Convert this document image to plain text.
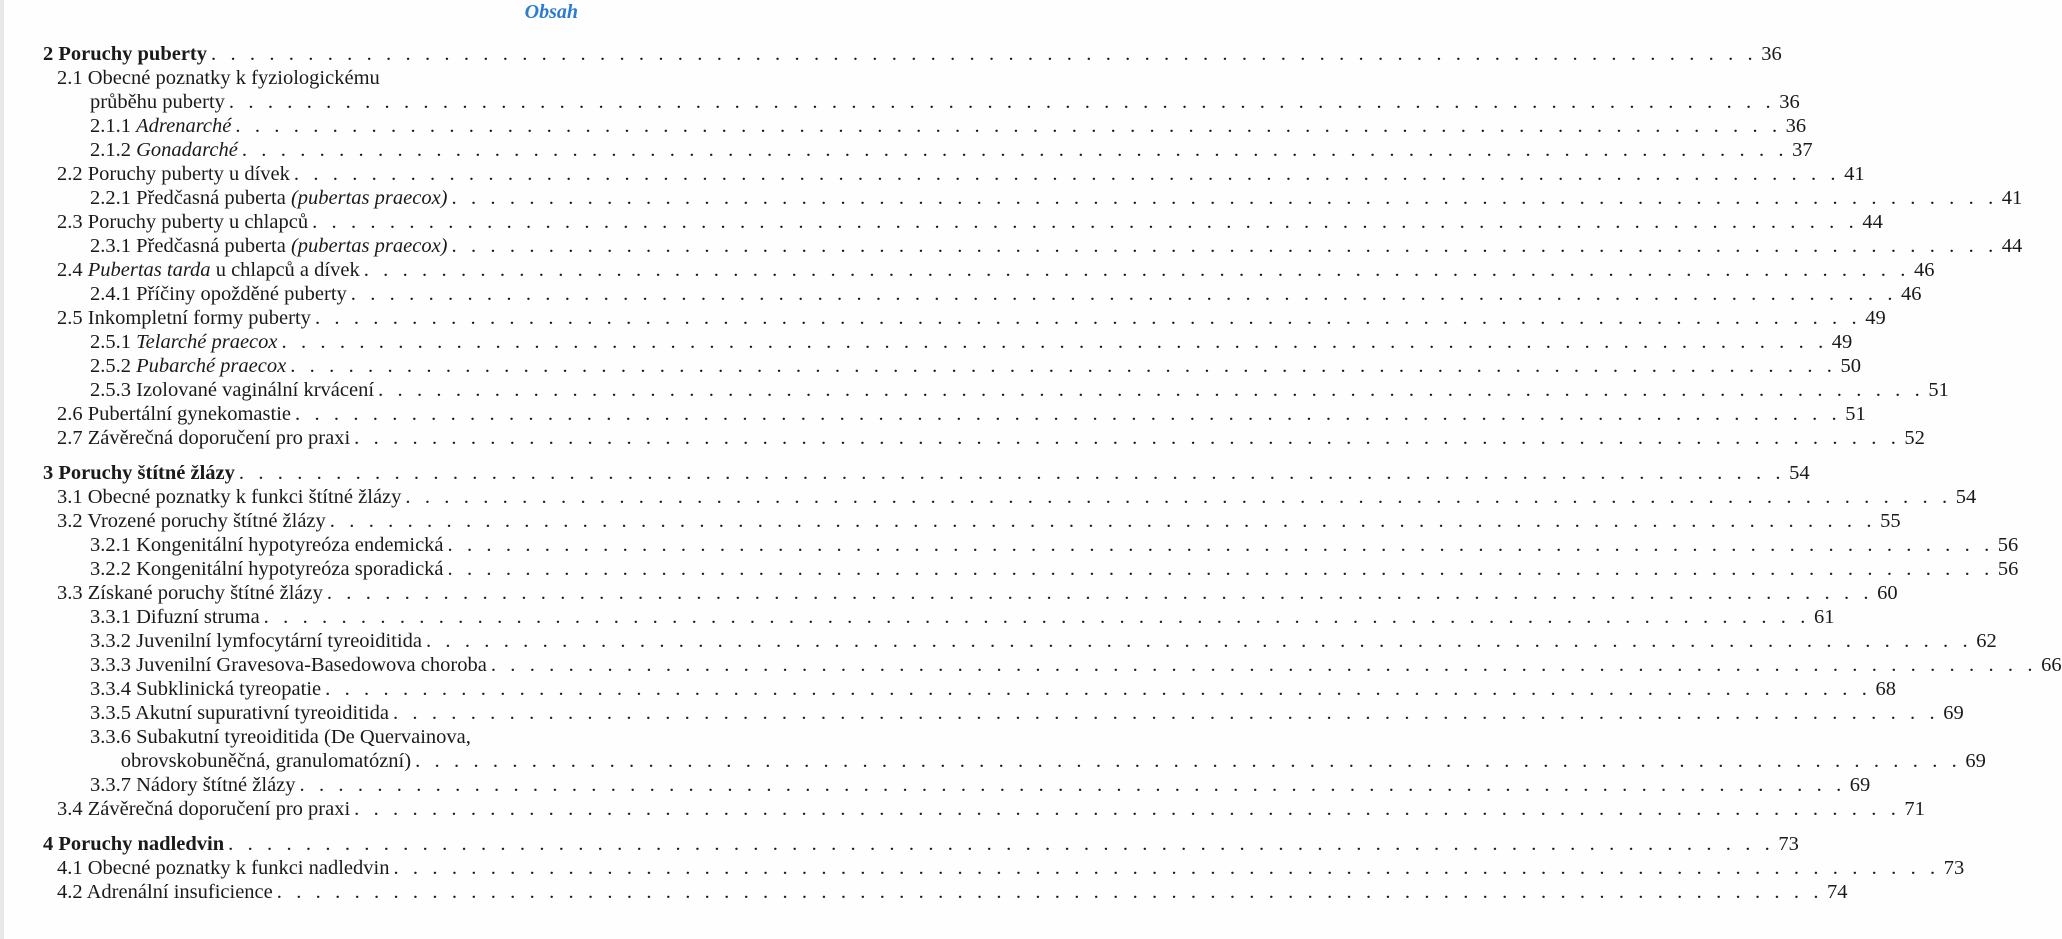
Obsah
2 Poruchy puberty . . . . . . . . . . . . . . . . . . . . . . . . . . . . . . . . . . . . . . . . . . . . . . . . . . . . . . . . . . . . . . . . . . . . . . . . . . . . . . . . 36
2.1 Obecné poznatky k fyziologickému
průběhu puberty . . . . . . . . . . . . . . . . . . . . . . . . . . . . . . . . . . . . . . . . . . . . . . . . . . . . . . . . . . . . . . . . . . . . . . . . . . . . . . . . 36
2.1.1 Adrenarché . . . . . . . . . . . . . . . . . . . . . . . . . . . . . . . . . . . . . . . . . . . . . . . . . . . . . . . . . . . . . . . . . . . . . . . . . . . . . . . . 36
2.1.2 Gonadarché . . . . . . . . . . . . . . . . . . . . . . . . . . . . . . . . . . . . . . . . . . . . . . . . . . . . . . . . . . . . . . . . . . . . . . . . . . . . . . . . 37
2.2 Poruchy puberty u dívek . . . . . . . . . . . . . . . . . . . . . . . . . . . . . . . . . . . . . . . . . . . . . . . . . . . . . . . . . . . . . . . . . . . . . . . . . . . . . . . . 41
2.2.1 Předčasná puberta (pubertas praecox) . . . . . . . . . . . . . . . . . . . . . . . . . . . . . . . . . . . . . . . . . . . . . . . . . . . . . . . . . . . . . . . . . . . . . . . . . . . . . . . . 41
2.3 Poruchy puberty u chlapců . . . . . . . . . . . . . . . . . . . . . . . . . . . . . . . . . . . . . . . . . . . . . . . . . . . . . . . . . . . . . . . . . . . . . . . . . . . . . . . . 44
2.3.1 Předčasná puberta (pubertas praecox) . . . . . . . . . . . . . . . . . . . . . . . . . . . . . . . . . . . . . . . . . . . . . . . . . . . . . . . . . . . . . . . . . . . . . . . . . . . . . . . . 44
2.4 Pubertas tarda u chlapců a dívek . . . . . . . . . . . . . . . . . . . . . . . . . . . . . . . . . . . . . . . . . . . . . . . . . . . . . . . . . . . . . . . . . . . . . . . . . . . . . . . . 46
2.4.1 Příčiny opožděné puberty . . . . . . . . . . . . . . . . . . . . . . . . . . . . . . . . . . . . . . . . . . . . . . . . . . . . . . . . . . . . . . . . . . . . . . . . . . . . . . . . 46
2.5 Inkompletní formy puberty . . . . . . . . . . . . . . . . . . . . . . . . . . . . . . . . . . . . . . . . . . . . . . . . . . . . . . . . . . . . . . . . . . . . . . . . . . . . . . . . 49
2.5.1 Telarché praecox . . . . . . . . . . . . . . . . . . . . . . . . . . . . . . . . . . . . . . . . . . . . . . . . . . . . . . . . . . . . . . . . . . . . . . . . . . . . . . . . 49
2.5.2 Pubarché praecox . . . . . . . . . . . . . . . . . . . . . . . . . . . . . . . . . . . . . . . . . . . . . . . . . . . . . . . . . . . . . . . . . . . . . . . . . . . . . . . . 50
2.5.3 Izolované vaginální krvácení . . . . . . . . . . . . . . . . . . . . . . . . . . . . . . . . . . . . . . . . . . . . . . . . . . . . . . . . . . . . . . . . . . . . . . . . . . . . . . . . 51
2.6 Pubertální gynekomastie . . . . . . . . . . . . . . . . . . . . . . . . . . . . . . . . . . . . . . . . . . . . . . . . . . . . . . . . . . . . . . . . . . . . . . . . . . . . . . . . 51
2.7 Závěrečná doporučení pro praxi . . . . . . . . . . . . . . . . . . . . . . . . . . . . . . . . . . . . . . . . . . . . . . . . . . . . . . . . . . . . . . . . . . . . . . . . . . . . . . . . 52
3 Poruchy štítné žlázy . . . . . . . . . . . . . . . . . . . . . . . . . . . . . . . . . . . . . . . . . . . . . . . . . . . . . . . . . . . . . . . . . . . . . . . . . . . . . . . . 54
3.1 Obecné poznatky k funkci štítné žlázy . . . . . . . . . . . . . . . . . . . . . . . . . . . . . . . . . . . . . . . . . . . . . . . . . . . . . . . . . . . . . . . . . . . . . . . . . . . . . . . . 54
3.2 Vrozené poruchy štítné žlázy . . . . . . . . . . . . . . . . . . . . . . . . . . . . . . . . . . . . . . . . . . . . . . . . . . . . . . . . . . . . . . . . . . . . . . . . . . . . . . . . 55
3.2.1 Kongenitální hypotyreóza endemická . . . . . . . . . . . . . . . . . . . . . . . . . . . . . . . . . . . . . . . . . . . . . . . . . . . . . . . . . . . . . . . . . . . . . . . . . . . . . . . . 56
3.2.2 Kongenitální hypotyreóza sporadická . . . . . . . . . . . . . . . . . . . . . . . . . . . . . . . . . . . . . . . . . . . . . . . . . . . . . . . . . . . . . . . . . . . . . . . . . . . . . . . . 56
3.3 Získané poruchy štítné žlázy . . . . . . . . . . . . . . . . . . . . . . . . . . . . . . . . . . . . . . . . . . . . . . . . . . . . . . . . . . . . . . . . . . . . . . . . . . . . . . . . 60
3.3.1 Difuzní struma . . . . . . . . . . . . . . . . . . . . . . . . . . . . . . . . . . . . . . . . . . . . . . . . . . . . . . . . . . . . . . . . . . . . . . . . . . . . . . . . 61
3.3.2 Juvenilní lymfocytární tyreoiditida . . . . . . . . . . . . . . . . . . . . . . . . . . . . . . . . . . . . . . . . . . . . . . . . . . . . . . . . . . . . . . . . . . . . . . . . . . . . . . . . 62
3.3.3 Juvenilní Gravesova-Basedowova choroba . . . . . . . . . . . . . . . . . . . . . . . . . . . . . . . . . . . . . . . . . . . . . . . . . . . . . . . . . . . . . . . . . . . . . . . . . . . . . . . . 66
3.3.4 Subklinická tyreopatie . . . . . . . . . . . . . . . . . . . . . . . . . . . . . . . . . . . . . . . . . . . . . . . . . . . . . . . . . . . . . . . . . . . . . . . . . . . . . . . . 68
3.3.5 Akutní supurativní tyreoiditida . . . . . . . . . . . . . . . . . . . . . . . . . . . . . . . . . . . . . . . . . . . . . . . . . . . . . . . . . . . . . . . . . . . . . . . . . . . . . . . . 69
3.3.6 Subakutní tyreoiditida (De Quervainova,
obrovskobuněčná, granulomatózní) . . . . . . . . . . . . . . . . . . . . . . . . . . . . . . . . . . . . . . . . . . . . . . . . . . . . . . . . . . . . . . . . . . . . . . . . . . . . . . . . 69
3.3.7 Nádory štítné žlázy . . . . . . . . . . . . . . . . . . . . . . . . . . . . . . . . . . . . . . . . . . . . . . . . . . . . . . . . . . . . . . . . . . . . . . . . . . . . . . . . 69
3.4 Závěrečná doporučení pro praxi . . . . . . . . . . . . . . . . . . . . . . . . . . . . . . . . . . . . . . . . . . . . . . . . . . . . . . . . . . . . . . . . . . . . . . . . . . . . . . . . 71
4 Poruchy nadledvin . . . . . . . . . . . . . . . . . . . . . . . . . . . . . . . . . . . . . . . . . . . . . . . . . . . . . . . . . . . . . . . . . . . . . . . . . . . . . . . . 73
4.1 Obecné poznatky k funkci nadledvin . . . . . . . . . . . . . . . . . . . . . . . . . . . . . . . . . . . . . . . . . . . . . . . . . . . . . . . . . . . . . . . . . . . . . . . . . . . . . . . . 73
4.2 Adrenální insuficience . . . . . . . . . . . . . . . . . . . . . . . . . . . . . . . . . . . . . . . . . . . . . . . . . . . . . . . . . . . . . . . . . . . . . . . . . . . . . . . . 74
